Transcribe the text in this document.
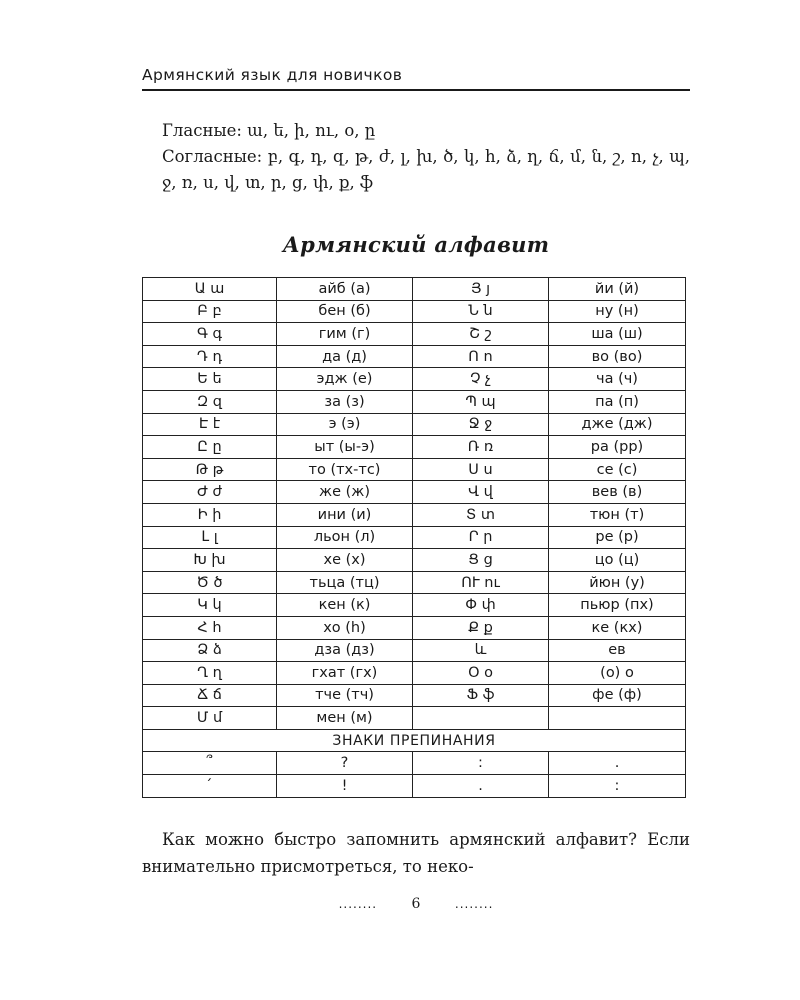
Армянский язык для новичков

Гласные: ա, ե, ի, ու, o, ը

Согласные: բ, գ, դ, զ, թ, ժ, լ, խ, ծ, կ, հ, ձ, ղ, ճ, մ, ն, շ, ո, չ, պ, ջ, ռ, ս, վ, տ, ր, ց, փ, ք, ֆ

Армянский алфавит
Ա ա	айб (а)	Յ յ	йи (й)
Բ բ	бен (б)	Ն ն	ну (н)
Գ գ	гим (г)	Շ շ	ша (ш)
Դ դ	да (д)	Ո ո	во (во)
Ե ե	эдж (е)	Չ չ	ча (ч)
Զ զ	за (з)	Պ պ	па (п)
Է է	э (э)	Ջ ջ	дже (дж)
Ը ը	ыт (ы-э)	Ռ ռ	ра (рр)
Թ թ	то (тх-тс)	Ս ս	се (с)
Ժ ժ	же (ж)	Վ վ	вев (в)
Ի ի	ини (и)	Տ տ	тюн (т)
Լ լ	льон (л)	Ր ր	ре (р)
Խ խ	хе (х)	Ց ց	цо (ц)
Ծ ծ	тьца (тц)	ՈՒ ու	йюн (у)
Կ կ	кен (к)	Փ փ	пьюр (пх)
Հ հ	хо (h)	Ք ք	ке (кх)
Ձ ձ	дза (дз)	և	ев
Ղ ղ	гхат (гх)	Օ օ	(о) о
Ճ ճ	тче (тч)	Ֆ ֆ	фе (ф)
Մ մ	мен (м)		
ЗНАКИ ПРЕПИНАНИЯ			
՞	?	:	.
՛	!	.	:

Как можно быстро запомнить армянский алфавит? Если внимательно присмотреться, то неко-

........ 6	........
